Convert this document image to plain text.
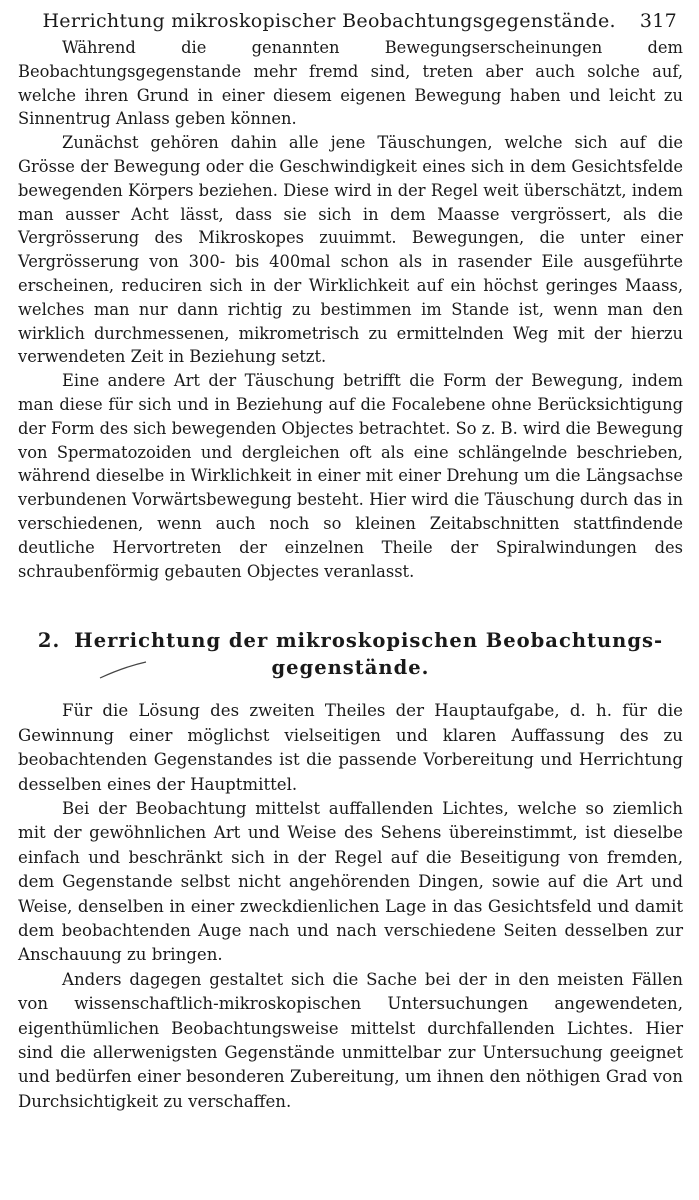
Herrichtung mikroskopischer Beobachtungsgegenstände. 317

Während die genannten Bewegungserscheinungen dem Beobachtungsgegenstande mehr fremd sind, treten aber auch solche auf, welche ihren Grund in einer diesem eigenen Bewegung haben und leicht zu Sinnentrug Anlass geben können.

Zunächst gehören dahin alle jene Täuschungen, welche sich auf die Grösse der Bewegung oder die Geschwindigkeit eines sich in dem Gesichtsfelde bewegenden Körpers beziehen. Diese wird in der Regel weit überschätzt, indem man ausser Acht lässt, dass sie sich in dem Maasse vergrössert, als die Vergrösserung des Mikroskopes zuuimmt. Bewegungen, die unter einer Vergrösserung von 300- bis 400mal schon als in rasender Eile ausgeführte erscheinen, reduciren sich in der Wirklichkeit auf ein höchst geringes Maass, welches man nur dann richtig zu bestimmen im Stande ist, wenn man den wirklich durchmessenen, mikrometrisch zu ermittelnden Weg mit der hierzu verwendeten Zeit in Beziehung setzt.

Eine andere Art der Täuschung betrifft die Form der Bewegung, indem man diese für sich und in Beziehung auf die Focalebene ohne Berücksichtigung der Form des sich bewegenden Objectes betrachtet. So z. B. wird die Bewegung von Spermatozoiden und dergleichen oft als eine schlängelnde beschrieben, während dieselbe in Wirklichkeit in einer mit einer Drehung um die Längsachse verbundenen Vorwärtsbewegung besteht. Hier wird die Täuschung durch das in verschiedenen, wenn auch noch so kleinen Zeitabschnitten stattfindende deutliche Hervortreten der einzelnen Theile der Spiralwindungen des schraubenförmig gebauten Objectes veranlasst.

2. Herrichtung der mikroskopischen Beobachtungs-
gegenstände.

Für die Lösung des zweiten Theiles der Hauptaufgabe, d. h. für die Gewinnung einer möglichst vielseitigen und klaren Auffassung des zu beobachtenden Gegenstandes ist die passende Vorbereitung und Herrichtung desselben eines der Hauptmittel.

Bei der Beobachtung mittelst auffallenden Lichtes, welche so ziemlich mit der gewöhnlichen Art und Weise des Sehens übereinstimmt, ist dieselbe einfach und beschränkt sich in der Regel auf die Beseitigung von fremden, dem Gegenstande selbst nicht angehörenden Dingen, sowie auf die Art und Weise, denselben in einer zweckdienlichen Lage in das Gesichtsfeld und damit dem beobachtenden Auge nach und nach verschiedene Seiten desselben zur Anschauung zu bringen.

Anders dagegen gestaltet sich die Sache bei der in den meisten Fällen von wissenschaftlich-mikroskopischen Untersuchungen angewendeten, eigenthümlichen Beobachtungsweise mittelst durchfallenden Lichtes. Hier sind die allerwenigsten Gegenstände unmittelbar zur Untersuchung geeignet und bedürfen einer besonderen Zubereitung, um ihnen den nöthigen Grad von Durchsichtigkeit zu verschaffen.
